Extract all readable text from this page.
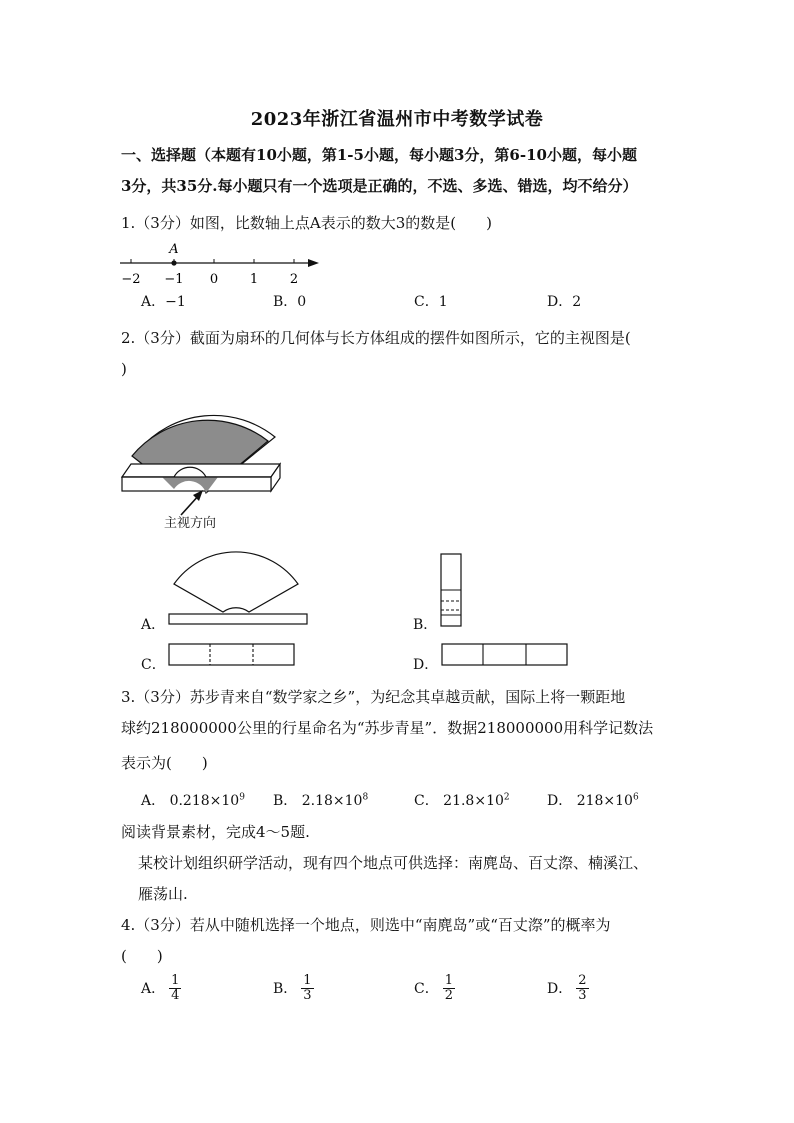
2023年浙江省温州市中考数学试卷
一、选择题（本题有10小题，第1-5小题，每小题3分，第6-10小题，每小题
3分，共35分.每小题只有一个选项是正确的，不选、多选、错选，均不给分）
1.（3分）如图，比数轴上点A表示的数大3的数是(　　)
A
−2 −1 0 1 2
A．−1	B．0	C．1	D．2
2.（3分）截面为扇环的几何体与长方体组成的摆件如图所示，它的主视图是(
)
主视方向
A．	B．
C．	D．
3.（3分）苏步青来自“数学家之乡”，为纪念其卓越贡献，国际上将一颗距地
球约218000000公里的行星命名为“苏步青星”．数据218000000用科学记数法
表示为(　　)
A． $0.218\times 10^9$ B． $2.18\times 10^8$	C． $21.8\times 10^2$	D． $218\times 10^6$
阅读背景素材，完成4～5题.
某校计划组织研学活动，现有四个地点可供选择：南麂岛、百丈漈、楠溪江、
雁荡山.
4.（3分）若从中随机选择一个地点，则选中“南麂岛”或“百丈漈”的概率为
(　　)
A． $\frac{1}{4}$	B． $\frac{1}{3}$	C． $\frac{1}{2}$	D． $\frac{2}{3}$
